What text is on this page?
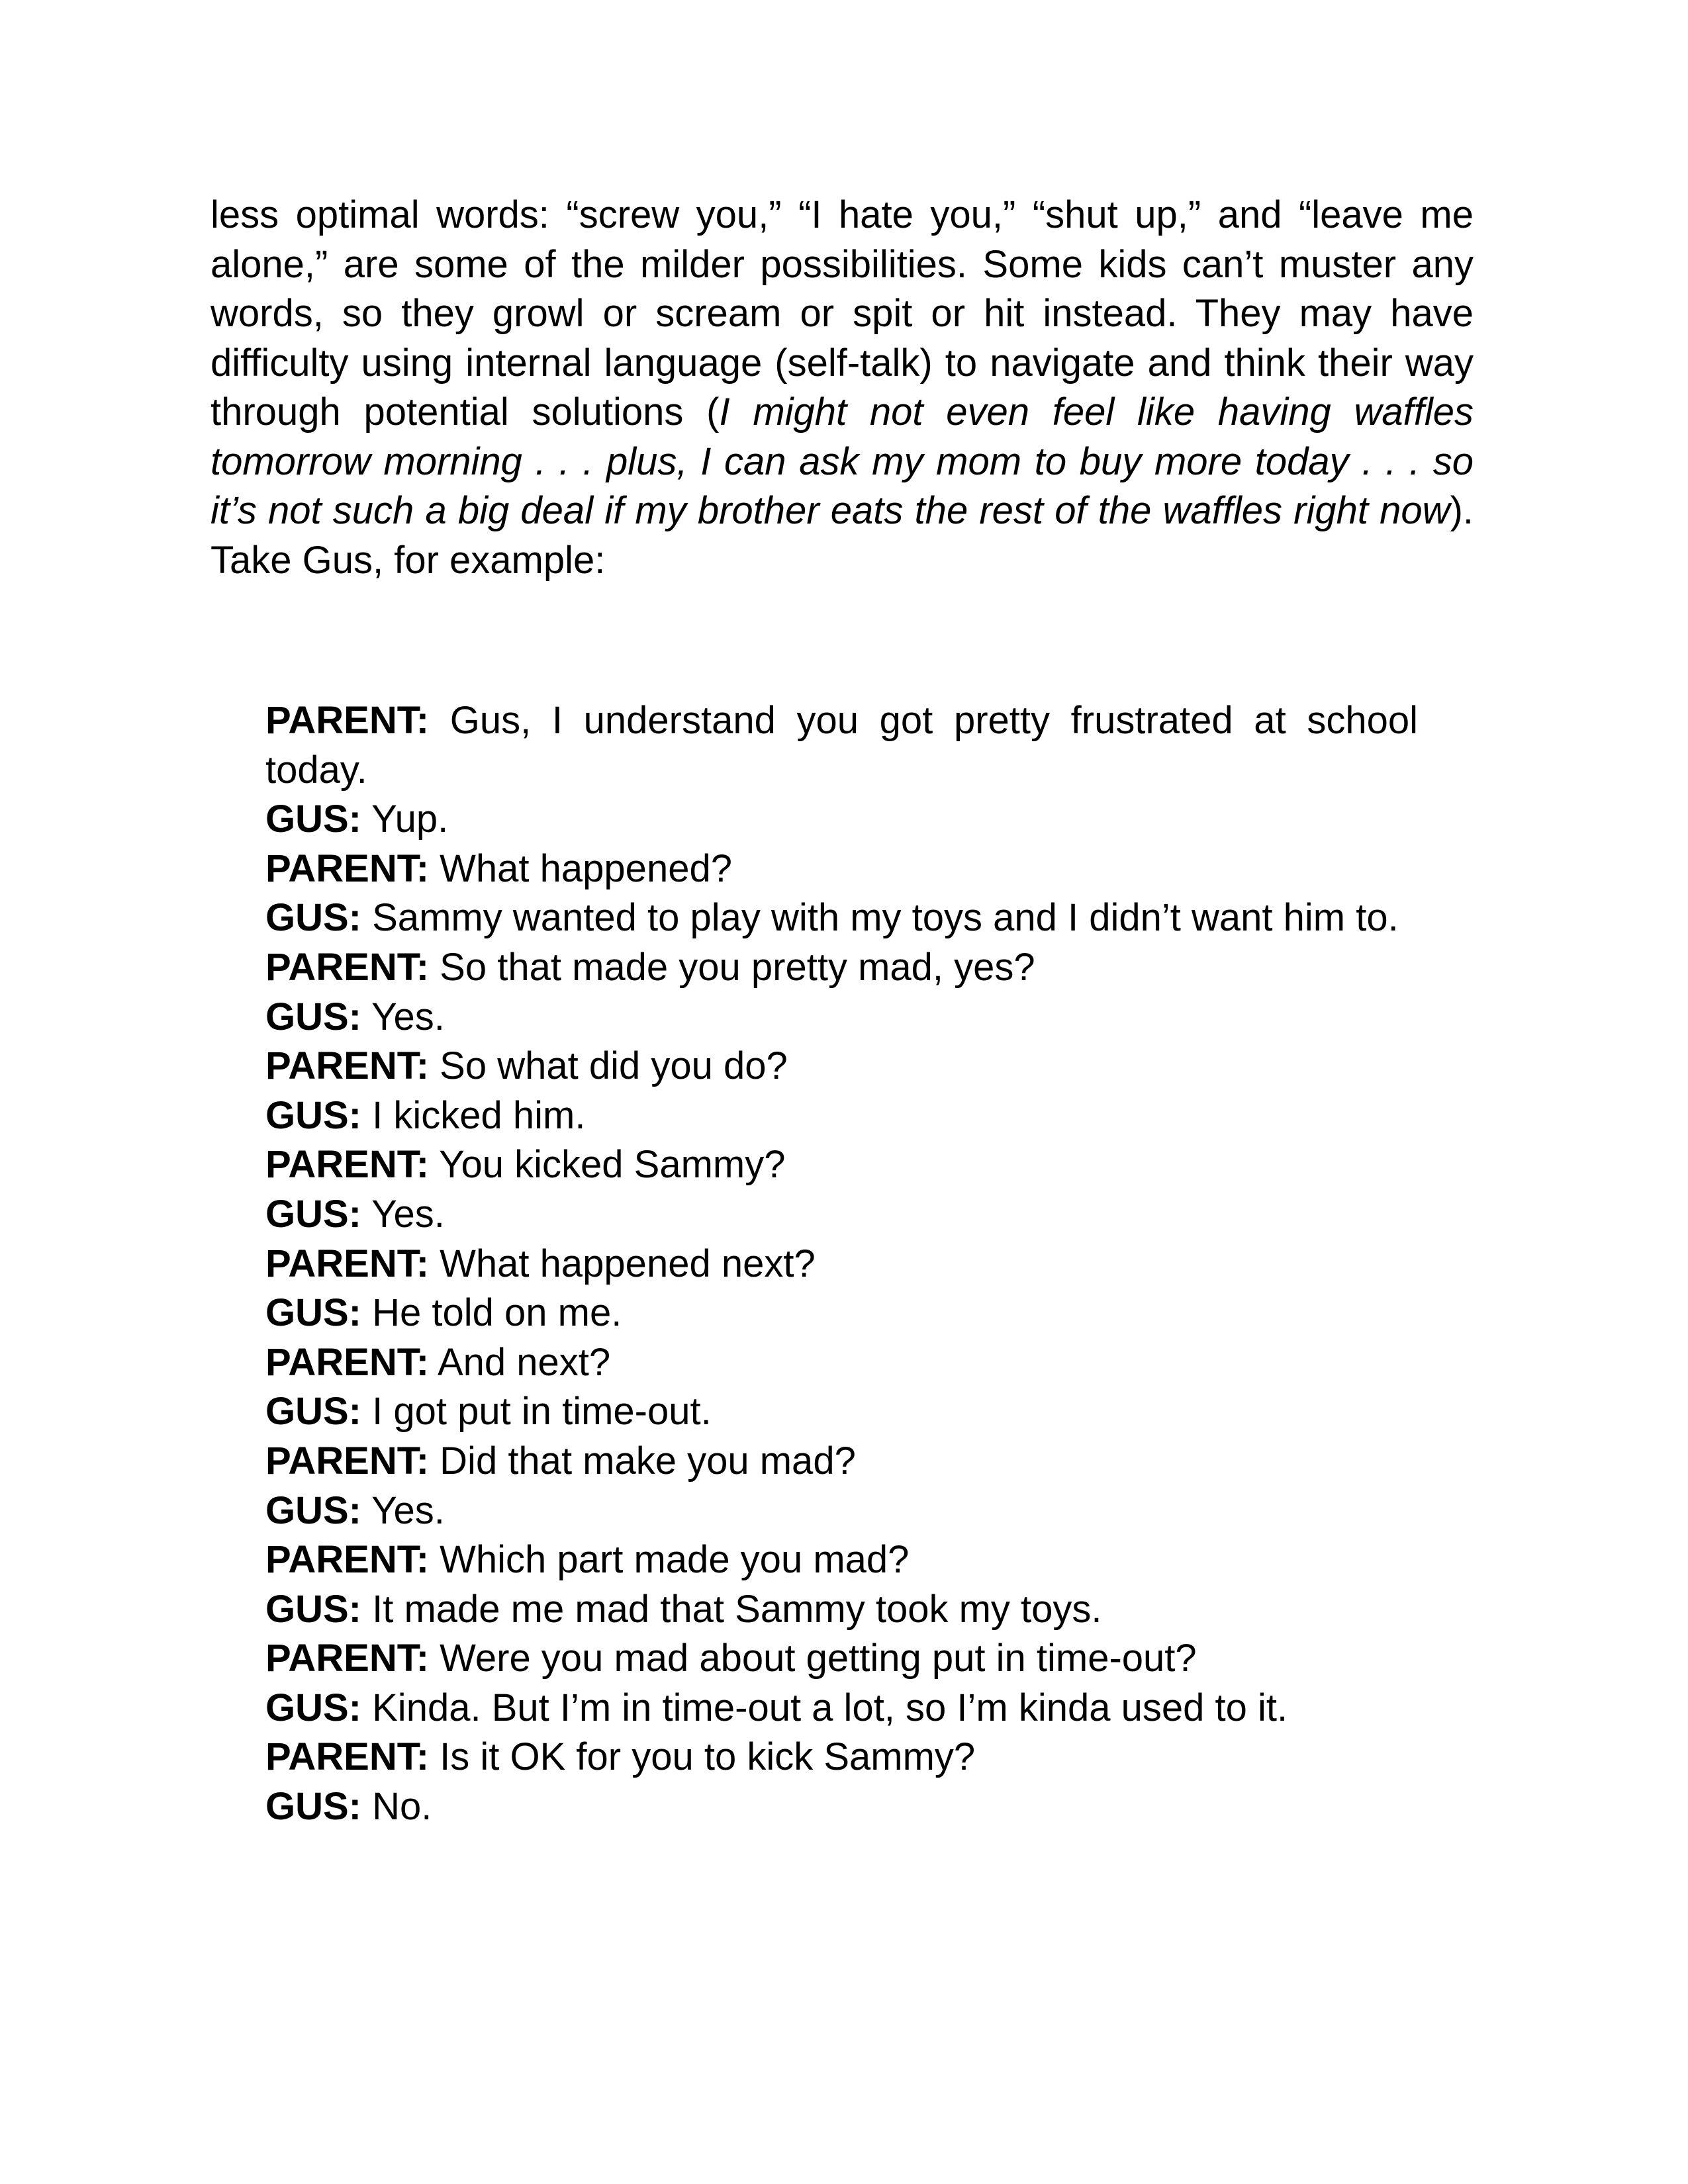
less optimal words: “screw you,” “I hate you,” “shut up,” and “leave me alone,” are some of the milder possibilities. Some kids can’t muster any words, so they growl or scream or spit or hit instead. They may have difficulty using internal language (self-talk) to navigate and think their way through potential solutions (I might not even feel like having waffles tomorrow morning . . . plus, I can ask my mom to buy more today . . . so it’s not such a big deal if my brother eats the rest of the waffles right now). Take Gus, for example:

PARENT: Gus, I understand you got pretty frustrated at school today.
GUS: Yup.
PARENT: What happened?
GUS: Sammy wanted to play with my toys and I didn’t want him to.
PARENT: So that made you pretty mad, yes?
GUS: Yes.
PARENT: So what did you do?
GUS: I kicked him.
PARENT: You kicked Sammy?
GUS: Yes.
PARENT: What happened next?
GUS: He told on me.
PARENT: And next?
GUS: I got put in time-out.
PARENT: Did that make you mad?
GUS: Yes.
PARENT: Which part made you mad?
GUS: It made me mad that Sammy took my toys.
PARENT: Were you mad about getting put in time-out?
GUS: Kinda. But I’m in time-out a lot, so I’m kinda used to it.
PARENT: Is it OK for you to kick Sammy?
GUS: No.
